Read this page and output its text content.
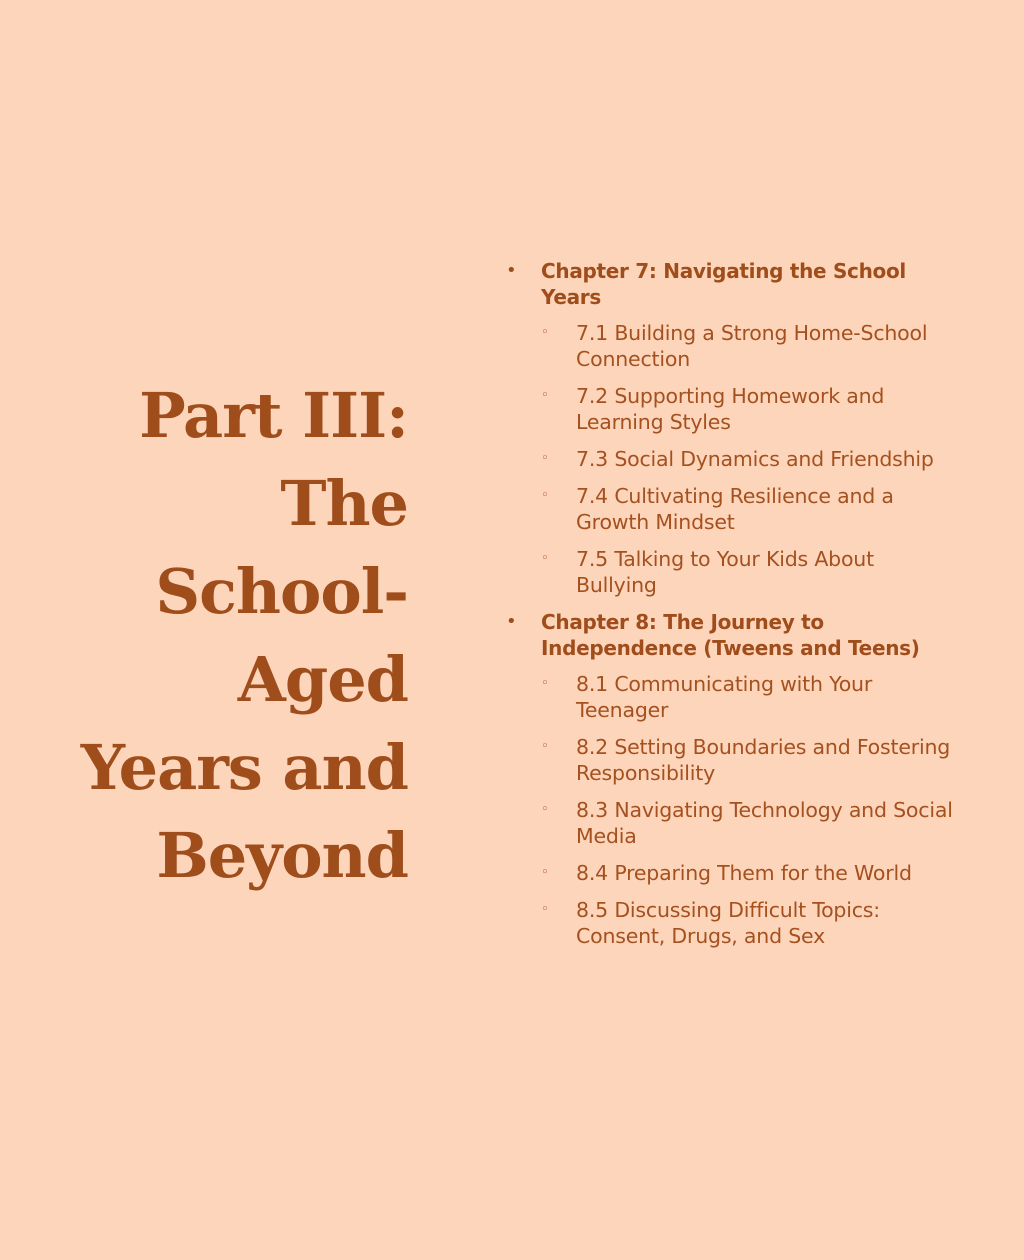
Part III:
The
School-
Aged
Years and
Beyond
• Chapter 7: Navigating the School Years
◦ 7.1 Building a Strong Home-School Connection
◦ 7.2 Supporting Homework and Learning Styles
◦ 7.3 Social Dynamics and Friendship
◦ 7.4 Cultivating Resilience and a Growth Mindset
◦ 7.5 Talking to Your Kids About Bullying
• Chapter 8: The Journey to Independence (Tweens and Teens)
◦ 8.1 Communicating with Your Teenager
◦ 8.2 Setting Boundaries and Fostering Responsibility
◦ 8.3 Navigating Technology and Social Media
◦ 8.4 Preparing Them for the World
◦ 8.5 Discussing Difficult Topics: Consent, Drugs, and Sex
